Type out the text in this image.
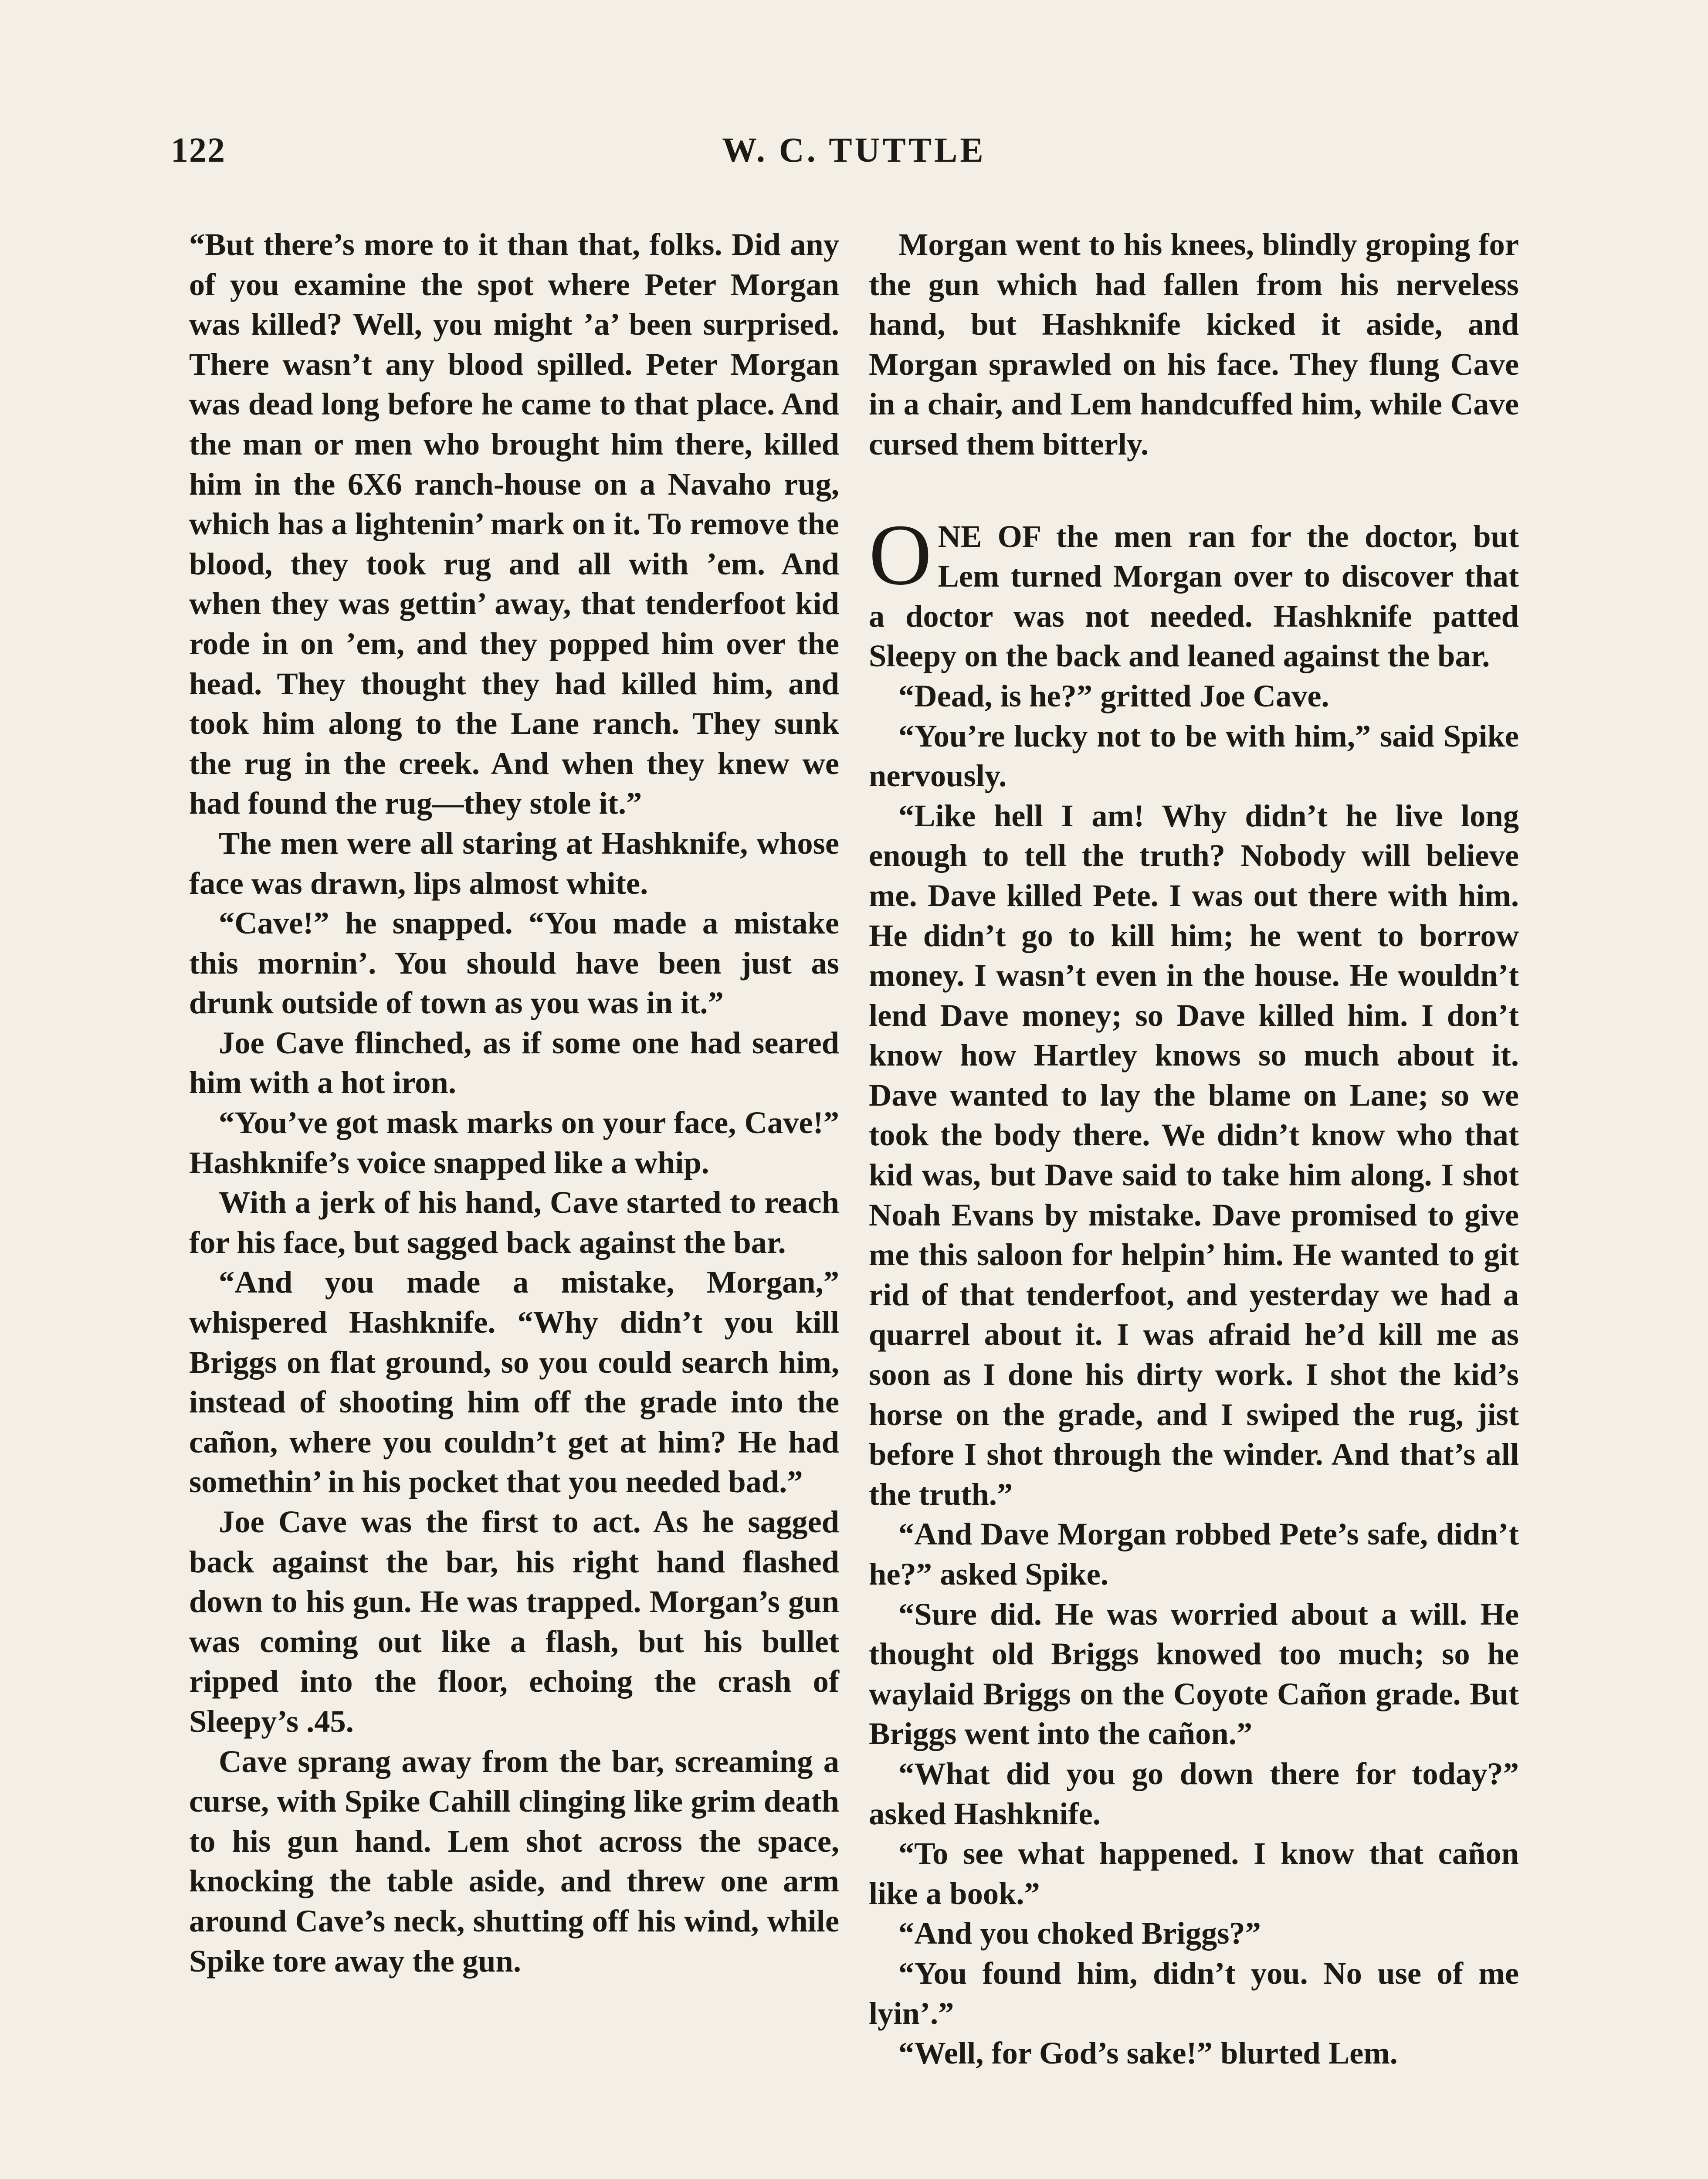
122	W. C. TUTTLE

“But there’s more to it than that, folks. Did any of you examine the spot where Peter Morgan was killed? Well, you might ’a’ been surprised. There wasn’t any blood spilled. Peter Morgan was dead long before he came to that place. And the man or men who brought him there, killed him in the 6X6 ranch-house on a Navaho rug, which has a lightenin’ mark on it. To remove the blood, they took rug and all with ’em. And when they was gettin’ away, that tenderfoot kid rode in on ’em, and they popped him over the head. They thought they had killed him, and took him along to the Lane ranch. They sunk the rug in the creek. And when they knew we had found the rug—they stole it.”

The men were all staring at Hashknife, whose face was drawn, lips almost white.

“Cave!” he snapped. “You made a mistake this mornin’. You should have been just as drunk outside of town as you was in it.”

Joe Cave flinched, as if some one had seared him with a hot iron.

“You’ve got mask marks on your face, Cave!” Hashknife’s voice snapped like a whip.

With a jerk of his hand, Cave started to reach for his face, but sagged back against the bar.

“And you made a mistake, Morgan,” whispered Hashknife. “Why didn’t you kill Briggs on flat ground, so you could search him, instead of shooting him off the grade into the cañon, where you couldn’t get at him? He had somethin’ in his pocket that you needed bad.”

Joe Cave was the first to act. As he sagged back against the bar, his right hand flashed down to his gun. He was trapped. Morgan’s gun was coming out like a flash, but his bullet ripped into the floor, echoing the crash of Sleepy’s .45.

Cave sprang away from the bar, screaming a curse, with Spike Cahill clinging like grim death to his gun hand. Lem shot across the space, knocking the table aside, and threw one arm around Cave’s neck, shutting off his wind, while Spike tore away the gun.

Morgan went to his knees, blindly groping for the gun which had fallen from his nerveless hand, but Hashknife kicked it aside, and Morgan sprawled on his face. They flung Cave in a chair, and Lem handcuffed him, while Cave cursed them bitterly.

ONE OF the men ran for the doctor, but Lem turned Morgan over to discover that a doctor was not needed. Hashknife patted Sleepy on the back and leaned against the bar.

“Dead, is he?” gritted Joe Cave.

“You’re lucky not to be with him,” said Spike nervously.

“Like hell I am! Why didn’t he live long enough to tell the truth? Nobody will believe me. Dave killed Pete. I was out there with him. He didn’t go to kill him; he went to borrow money. I wasn’t even in the house. He wouldn’t lend Dave money; so Dave killed him. I don’t know how Hartley knows so much about it. Dave wanted to lay the blame on Lane; so we took the body there. We didn’t know who that kid was, but Dave said to take him along. I shot Noah Evans by mistake. Dave promised to give me this saloon for helpin’ him. He wanted to git rid of that tenderfoot, and yesterday we had a quarrel about it. I was afraid he’d kill me as soon as I done his dirty work. I shot the kid’s horse on the grade, and I swiped the rug, jist before I shot through the winder. And that’s all the truth.”

“And Dave Morgan robbed Pete’s safe, didn’t he?” asked Spike.

“Sure did. He was worried about a will. He thought old Briggs knowed too much; so he waylaid Briggs on the Coyote Cañon grade. But Briggs went into the cañon.”

“What did you go down there for today?” asked Hashknife.

“To see what happened. I know that cañon like a book.”

“And you choked Briggs?”

“You found him, didn’t you. No use of me lyin’.”

“Well, for God’s sake!” blurted Lem.
